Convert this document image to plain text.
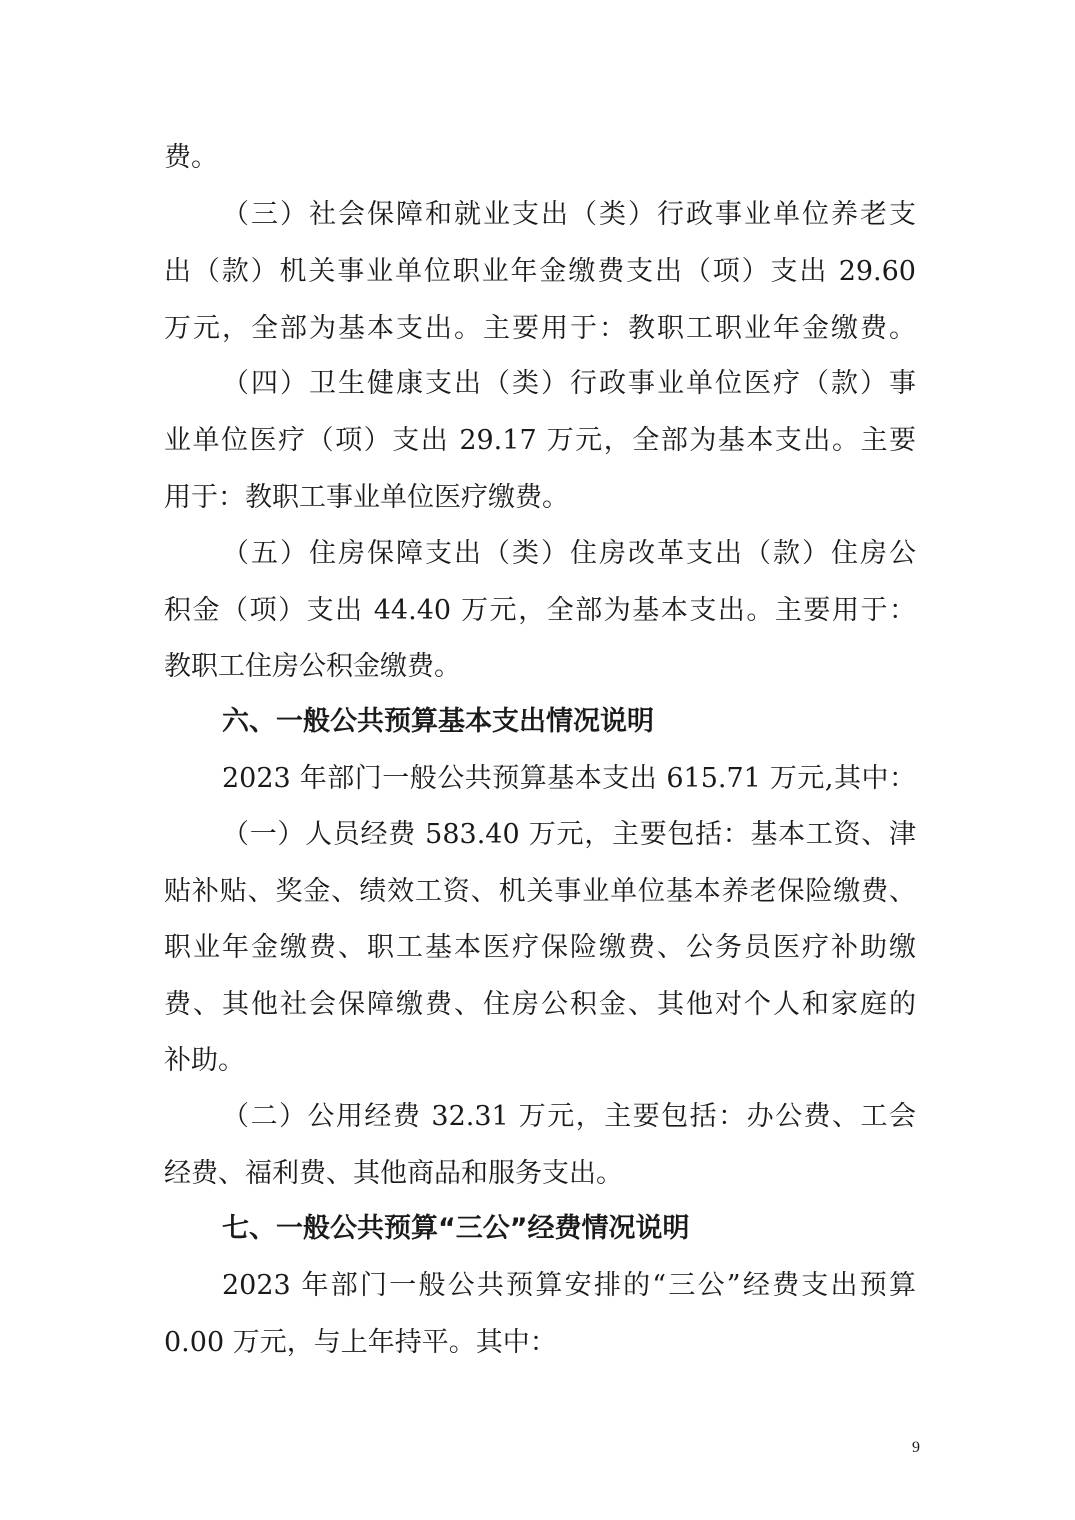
费。
（三）社会保障和就业支出（类）行政事业单位养老支
出（款）机关事业单位职业年金缴费支出（项）支出 29.60
万元，全部为基本支出。主要用于：教职工职业年金缴费。
（四）卫生健康支出（类）行政事业单位医疗（款）事
业单位医疗（项）支出 29.17 万元，全部为基本支出。主要
用于：教职工事业单位医疗缴费。
（五）住房保障支出（类）住房改革支出（款）住房公
积金（项）支出 44.40 万元，全部为基本支出。主要用于：
教职工住房公积金缴费。
六、一般公共预算基本支出情况说明
2023 年部门一般公共预算基本支出 615.71 万元,其中：
（一）人员经费 583.40 万元，主要包括：基本工资、津
贴补贴、奖金、绩效工资、机关事业单位基本养老保险缴费、
职业年金缴费、职工基本医疗保险缴费、公务员医疗补助缴
费、其他社会保障缴费、住房公积金、其他对个人和家庭的
补助。
（二）公用经费 32.31 万元，主要包括：办公费、工会
经费、福利费、其他商品和服务支出。
七、一般公共预算“三公”经费情况说明
2023 年部门一般公共预算安排的“三公”经费支出预算
0.00 万元，与上年持平。其中：
9
